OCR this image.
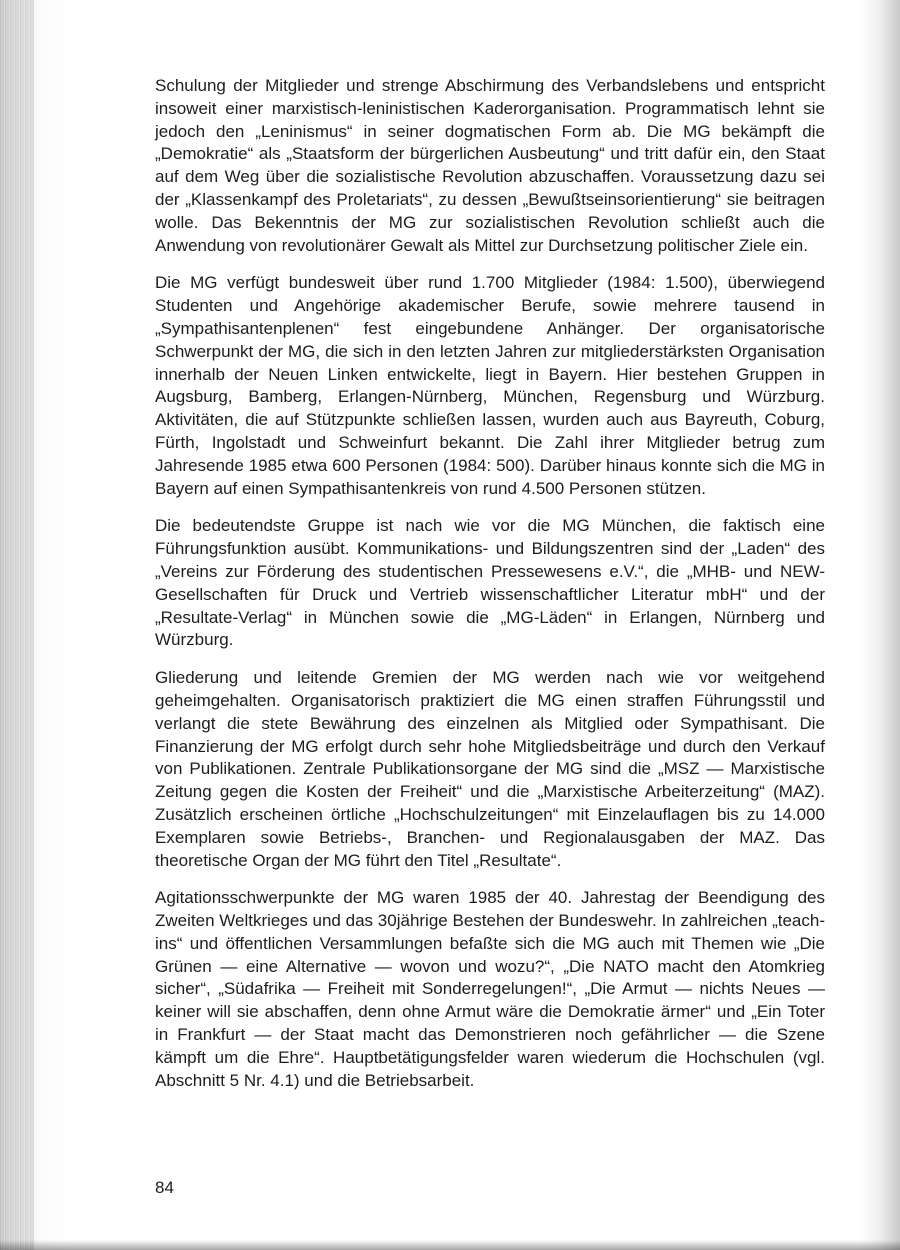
Schulung der Mitglieder und strenge Abschirmung des Verbandslebens und entspricht insoweit einer marxistisch-leninistischen Kaderorganisation. Programmatisch lehnt sie jedoch den „Leninismus“ in seiner dogmatischen Form ab. Die MG bekämpft die „Demokratie“ als „Staatsform der bürgerlichen Ausbeutung“ und tritt dafür ein, den Staat auf dem Weg über die sozialistische Revolution abzuschaffen. Voraussetzung dazu sei der „Klassenkampf des Proletariats“, zu dessen „Bewußtseinsorientierung“ sie beitragen wolle. Das Bekenntnis der MG zur sozialistischen Revolution schließt auch die Anwendung von revolutionärer Gewalt als Mittel zur Durchsetzung politischer Ziele ein.

Die MG verfügt bundesweit über rund 1.700 Mitglieder (1984: 1.500), überwiegend Studenten und Angehörige akademischer Berufe, sowie mehrere tausend in „Sympathisantenplenen“ fest eingebundene Anhänger. Der organisatorische Schwerpunkt der MG, die sich in den letzten Jahren zur mitgliederstärksten Organisation innerhalb der Neuen Linken entwickelte, liegt in Bayern. Hier bestehen Gruppen in Augsburg, Bamberg, Erlangen-Nürnberg, München, Regensburg und Würzburg. Aktivitäten, die auf Stützpunkte schließen lassen, wurden auch aus Bayreuth, Coburg, Fürth, Ingolstadt und Schweinfurt bekannt. Die Zahl ihrer Mitglieder betrug zum Jahresende 1985 etwa 600 Personen (1984: 500). Darüber hinaus konnte sich die MG in Bayern auf einen Sympathisantenkreis von rund 4.500 Personen stützen.

Die bedeutendste Gruppe ist nach wie vor die MG München, die faktisch eine Führungsfunktion ausübt. Kommunikations- und Bildungszentren sind der „Laden“ des „Vereins zur Förderung des studentischen Pressewesens e.V.“, die „MHB- und NEW-Gesellschaften für Druck und Vertrieb wissenschaftlicher Literatur mbH“ und der „Resultate-Verlag“ in München sowie die „MG-Läden“ in Erlangen, Nürnberg und Würzburg.

Gliederung und leitende Gremien der MG werden nach wie vor weitgehend geheimgehalten. Organisatorisch praktiziert die MG einen straffen Führungsstil und verlangt die stete Bewährung des einzelnen als Mitglied oder Sympathisant. Die Finanzierung der MG erfolgt durch sehr hohe Mitgliedsbeiträge und durch den Verkauf von Publikationen. Zentrale Publikationsorgane der MG sind die „MSZ — Marxistische Zeitung gegen die Kosten der Freiheit“ und die „Marxistische Arbeiterzeitung“ (MAZ). Zusätzlich erscheinen örtliche „Hochschulzeitungen“ mit Einzelauflagen bis zu 14.000 Exemplaren sowie Betriebs-, Branchen- und Regionalausgaben der MAZ. Das theoretische Organ der MG führt den Titel „Resultate“.

Agitationsschwerpunkte der MG waren 1985 der 40. Jahrestag der Beendigung des Zweiten Weltkrieges und das 30jährige Bestehen der Bundeswehr. In zahlreichen „teach-ins“ und öffentlichen Versammlungen befaßte sich die MG auch mit Themen wie „Die Grünen — eine Alternative — wovon und wozu?“, „Die NATO macht den Atomkrieg sicher“, „Südafrika — Freiheit mit Sonderregelungen!“, „Die Armut — nichts Neues — keiner will sie abschaffen, denn ohne Armut wäre die Demokratie ärmer“ und „Ein Toter in Frankfurt — der Staat macht das Demonstrieren noch gefährlicher — die Szene kämpft um die Ehre“. Hauptbetätigungsfelder waren wiederum die Hochschulen (vgl. Abschnitt 5 Nr. 4.1) und die Betriebsarbeit.

84
